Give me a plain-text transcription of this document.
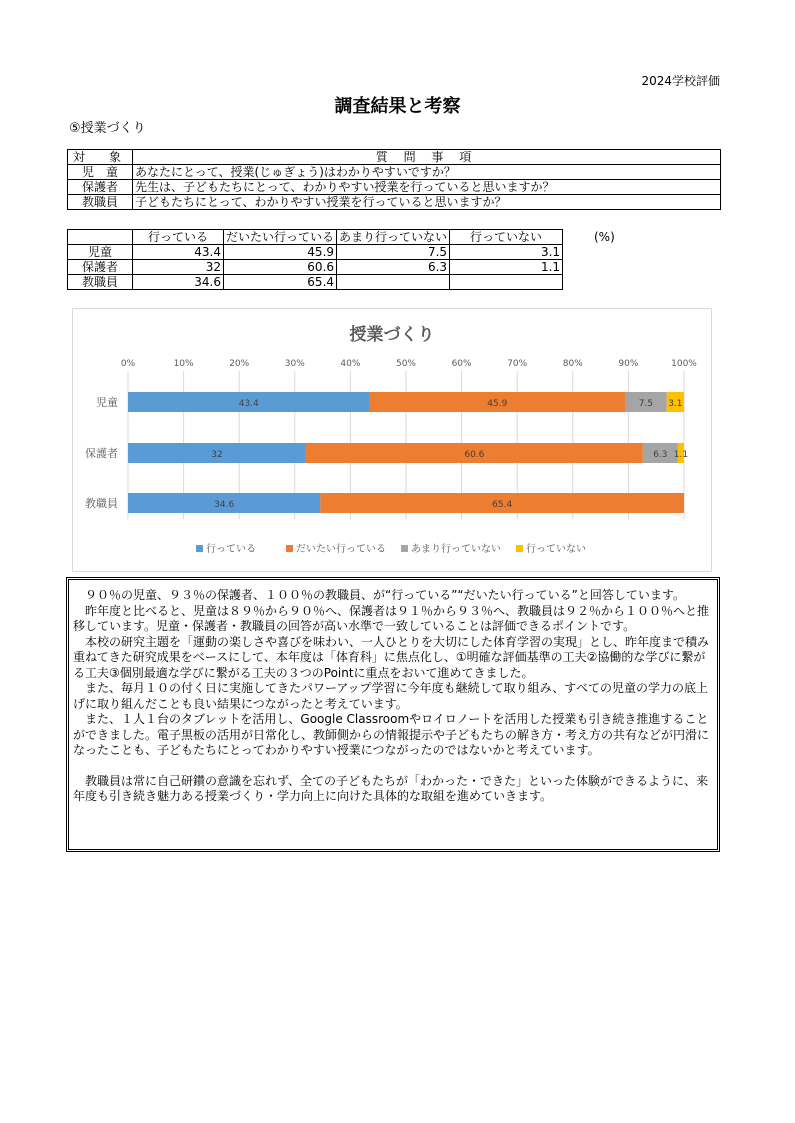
2024学校評価
調査結果と考察
⑤授業づくり
対　象	質 問 事 項
児　童	あなたにとって、授業(じゅぎょう)はわかりやすいですか？
保護者	先生は、子どもたちにとって、わかりやすい授業を行っていると思いますか？
教職員	子どもたちにとって、わかりやすい授業を行っていると思いますか？
	行っている	だいたい行っている	あまり行っていない	行っていない
児童	43.4	45.9	7.5	3.1
保護者	32	60.6	6.3	1.1
教職員	34.6	65.4		
(%)
授業づくり
0%	10%	20%	30%	40%	50%	60%	70%	80%	90%	100%
児童	43.4	45.9	7.5 3.1
保護者	32	60.6	6.3 1.1
教職員	34.6	65.4
行っている	だいたい行っている	あまり行っていない	行っていない

　９０％の児童、９３％の保護者、１００％の教職員、が“行っている”“だいたい行っている”と回答しています。

　昨年度と比べると、児童は８９％から９０％へ、保護者は９１％から９３％へ、教職員は９２％から１００％へと推移しています。児童・保護者・教職員の回答が高い水準で一致していることは評価できるポイントです。

　本校の研究主題を「運動の楽しさや喜びを味わい、一人ひとりを大切にした体育学習の実現」とし、昨年度まで積み重ねてきた研究成果をベースにして、本年度は「体育科」に焦点化し、①明確な評価基準の工夫②協働的な学びに繋がる工夫③個別最適な学びに繋がる工夫の３つのPointに重点をおいて進めてきました。

　また、毎月１０の付く日に実施してきたパワーアップ学習に今年度も継続して取り組み、すべての児童の学力の底上げに取り組んだことも良い結果につながったと考えています。

　また、１人１台のタブレットを活用し、Google Classroomやロイロノートを活用した授業も引き続き推進することができました。電子黒板の活用が日常化し、教師側からの情報提示や子どもたちの解き方・考え方の共有などが円滑になったことも、子どもたちにとってわかりやすい授業につながったのではないかと考えています。

　教職員は常に自己研鑽の意識を忘れず、全ての子どもたちが「わかった・できた」といった体験ができるように、来年度も引き続き魅力ある授業づくり・学力向上に向けた具体的な取組を進めていきます。
